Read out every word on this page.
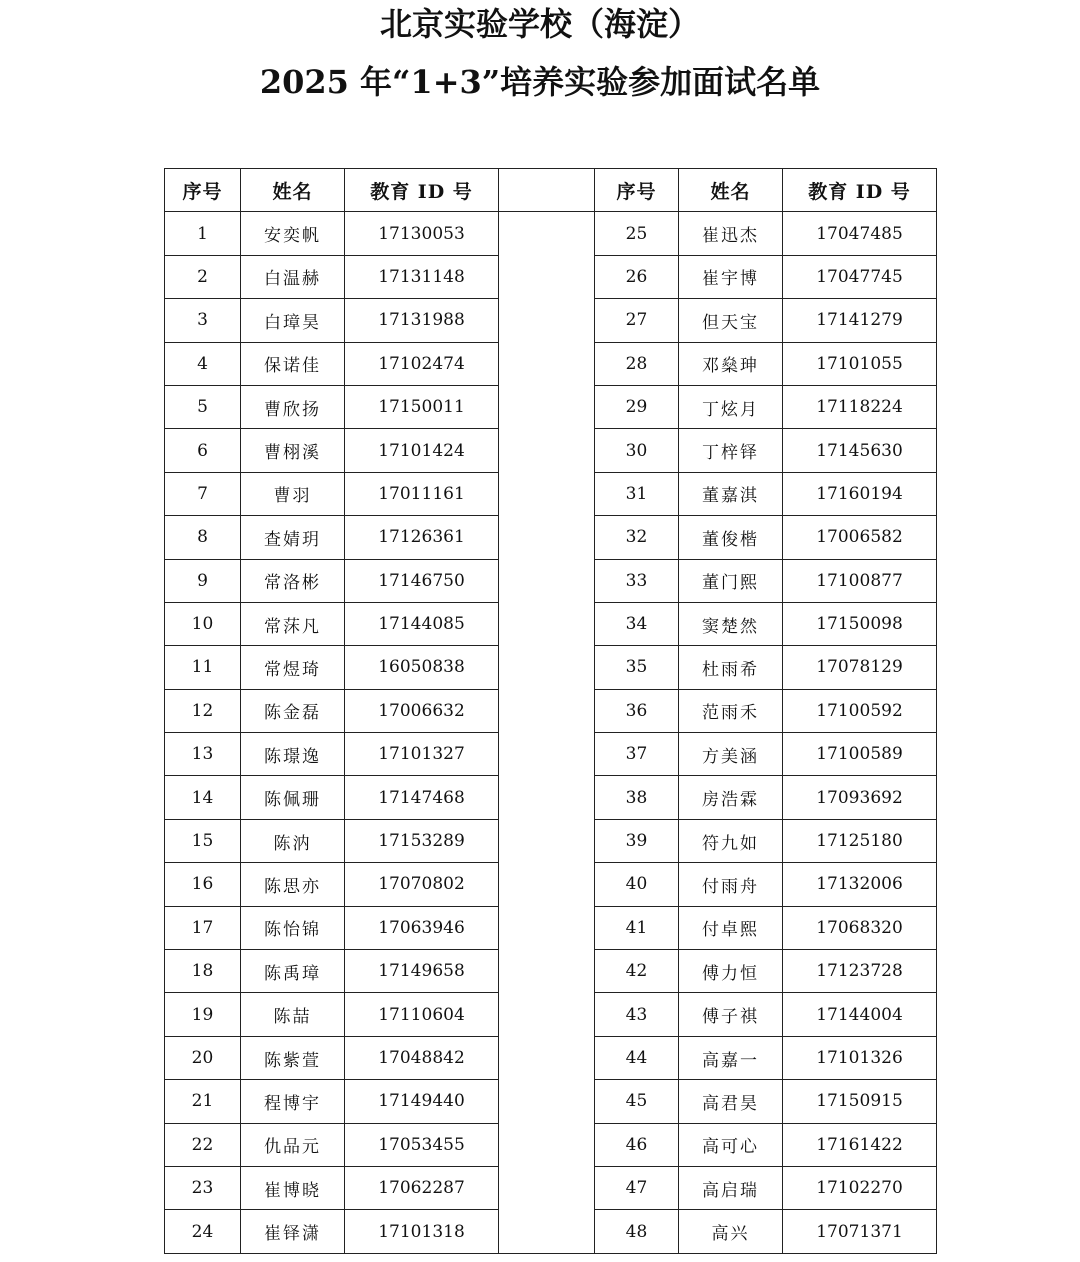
北京实验学校（海淀）
2025 年“1+3”培养实验参加面试名单
序号	姓名	教育 ID 号		序号	姓名	教育 ID 号
1	安奕帆	17130053		25	崔迅杰	17047485
2	白温赫	17131148		26	崔宇博	17047745
3	白璋昊	17131988		27	但天宝	17141279
4	保诺佳	17102474		28	邓燊珅	17101055
5	曹欣扬	17150011		29	丁炫月	17118224
6	曹栩溪	17101424		30	丁梓铎	17145630
7	曹羽	17011161		31	董嘉淇	17160194
8	查婧玥	17126361		32	董俊楷	17006582
9	常洛彬	17146750		33	董门熙	17100877
10	常莯凡	17144085		34	窦楚然	17150098
11	常煜琦	16050838		35	杜雨希	17078129
12	陈金磊	17006632		36	范雨禾	17100592
13	陈璟逸	17101327		37	方美涵	17100589
14	陈佩珊	17147468		38	房浩霖	17093692
15	陈汭	17153289		39	符九如	17125180
16	陈思亦	17070802		40	付雨舟	17132006
17	陈怡锦	17063946		41	付卓熙	17068320
18	陈禹璋	17149658		42	傅力恒	17123728
19	陈喆	17110604		43	傅子祺	17144004
20	陈紫萱	17048842		44	高嘉一	17101326
21	程博宇	17149440		45	高君昊	17150915
22	仇品元	17053455		46	高可心	17161422
23	崔博晓	17062287		47	高启瑞	17102270
24	崔铎潇	17101318		48	高兴	17071371
